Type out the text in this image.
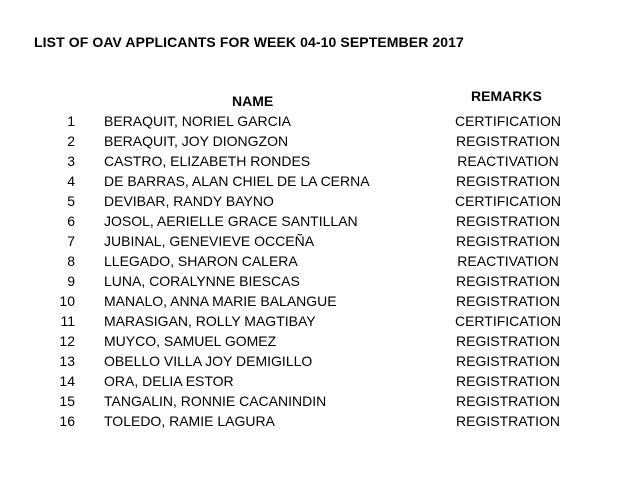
LIST OF OAV APPLICANTS FOR WEEK 04-10 SEPTEMBER 2017
NAME	REMARKS
1 BERAQUIT, NORIEL GARCIA	CERTIFICATION
2 BERAQUIT, JOY DIONGZON	REGISTRATION
3 CASTRO, ELIZABETH RONDES	REACTIVATION
4 DE BARRAS, ALAN CHIEL DE LA CERNA	REGISTRATION
5 DEVIBAR, RANDY BAYNO	CERTIFICATION
6 JOSOL, AERIELLE GRACE SANTILLAN	REGISTRATION
7 JUBINAL, GENEVIEVE OCCEÑA	REGISTRATION
8 LLEGADO, SHARON CALERA	REACTIVATION
9 LUNA, CORALYNNE BIESCAS	REGISTRATION
10 MANALO, ANNA MARIE BALANGUE	REGISTRATION
11 MARASIGAN, ROLLY MAGTIBAY	CERTIFICATION
12 MUYCO, SAMUEL GOMEZ	REGISTRATION
13 OBELLO VILLA JOY DEMIGILLO	REGISTRATION
14 ORA, DELIA ESTOR	REGISTRATION
15 TANGALIN, RONNIE CACANINDIN	REGISTRATION
16 TOLEDO, RAMIE LAGURA	REGISTRATION
